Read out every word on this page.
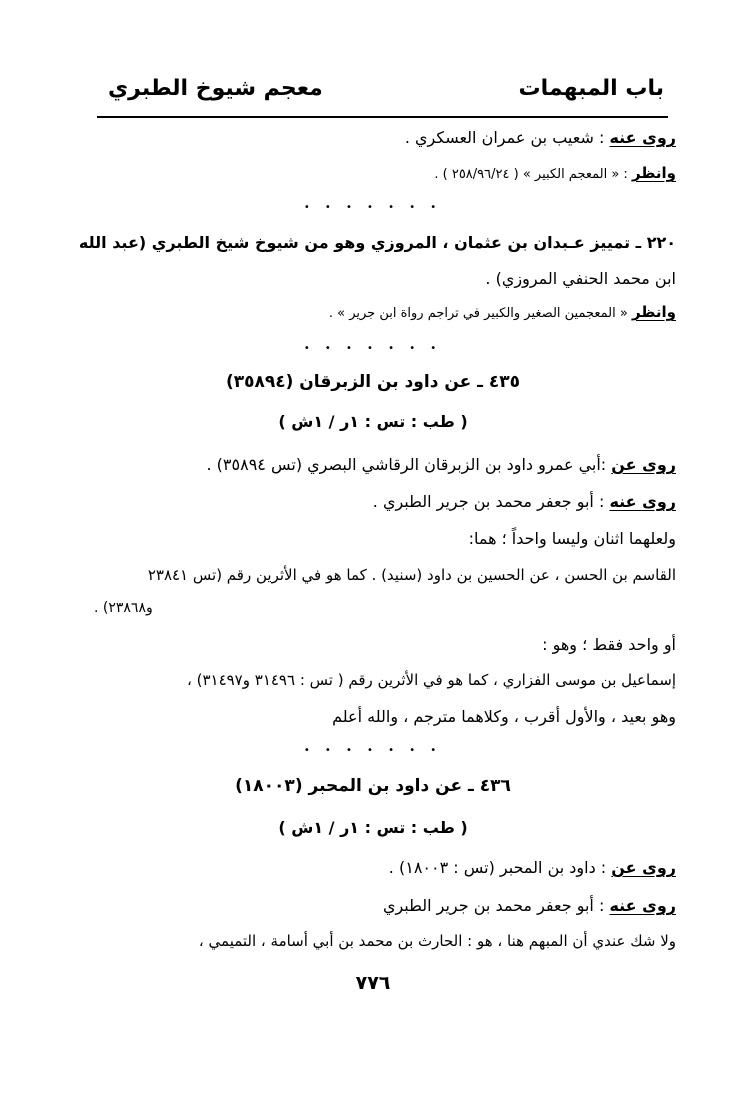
باب المبهمات
معجم شيوخ الطبري
روى عنه : شعيب بن عمران العسكري .
وانظر : « المعجم الكبير » ( ٢٥٨/٩٦/٢٤ ) .
• • • • • • •
٢٢٠ ـ تمييز عـبدان بن عثمان ، المروزي وهو من شيوخ شيخ الطبري (عبد الله
ابن محمد الحنفي المروزي) .
وانظر « المعجمين الصغير والكبير في تراجم رواة ابن جرير » .
• • • • • • •
٤٣٥ ـ عن داود بن الزبرقان (٣٥٨٩٤)
( طب : تس : ١ر / ١ش )
روى عن :أبي عمرو داود بن الزبرقان الرقاشي البصري (تس ٣٥٨٩٤) .
روى عنه : أبو جعفر محمد بن جرير الطبري .
ولعلهما اثنان وليسا واحداً ؛ هما:
القاسم بن الحسن ، عن الحسين بن داود (سنيد) . كما هو في الأثرين رقم (تس ٢٣٨٤١
و٢٣٨٦٨) .
أو واحد فقط ؛ وهو :
إسماعيل بن موسى الفزاري ، كما هو في الأثرين رقم ( تس : ٣١٤٩٦ و٣١٤٩٧) ،
وهو بعيد ، والأول أقرب ، وكلاهما مترجم ، والله أعلم
• • • • • • •
٤٣٦ ـ عن داود بن المحبر (١٨٠٠٣)
( طب : تس : ١ر / ١ش )
روى عن : داود بن المحبر (تس : ١٨٠٠٣) .
روى عنه : أبو جعفر محمد بن جرير الطبري
ولا شك عندي أن المبهم هنا ، هو : الحارث بن محمد بن أبي أسامة ، التميمي ،
٧٧٦
